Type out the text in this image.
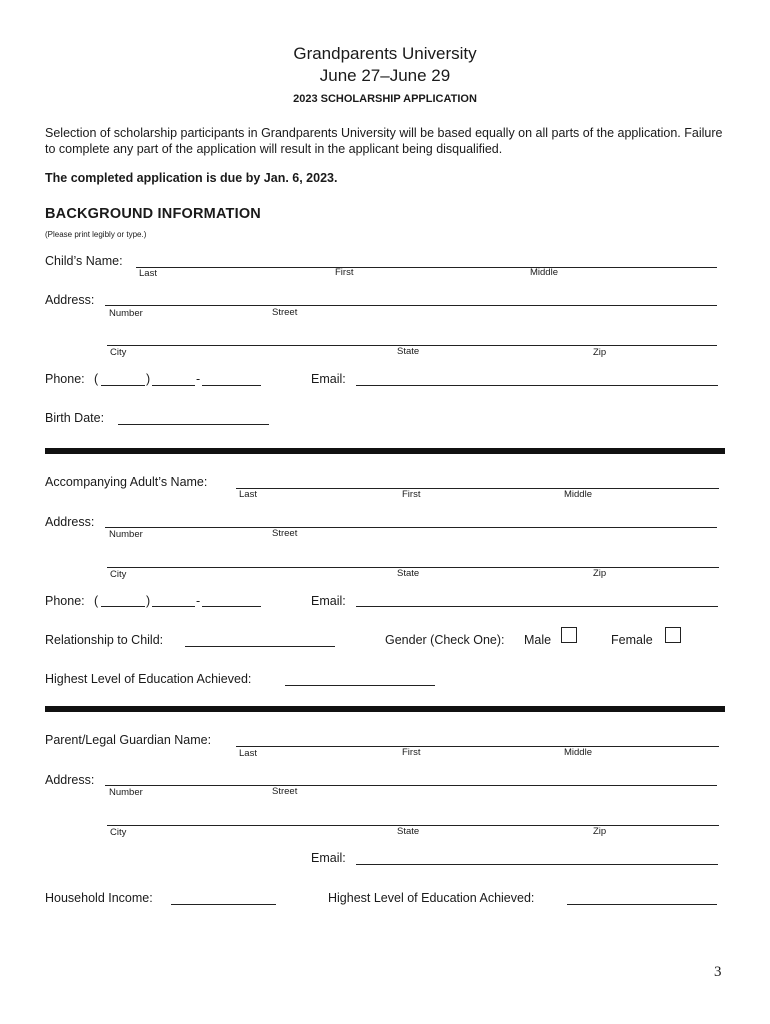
Grandparents University
June 27–June 29
2023 SCHOLARSHIP APPLICATION
Selection of scholarship participants in Grandparents University will be based equally on all parts of the application. Failure to complete any part of the application will result in the applicant being disqualified.
The completed application is due by Jan. 6, 2023.
BACKGROUND INFORMATION
(Please print legibly or type.)
Child’s Name:
Last	First	Middle
Address:
Number	Street
City	State	Zip
Phone: (	)	-	Email:
Birth Date:
Accompanying Adult’s Name:
Last	First	Middle
Address:
Number	Street
City	State	Zip
Phone: (	)	-	Email:
Relationship to Child:	Gender (Check One): Male	Female
Highest Level of Education Achieved:
Parent/Legal Guardian Name:
Last	First	Middle
Address:
Number	Street
City	State	Zip
Email:
Household Income:	Highest Level of Education Achieved:
3
